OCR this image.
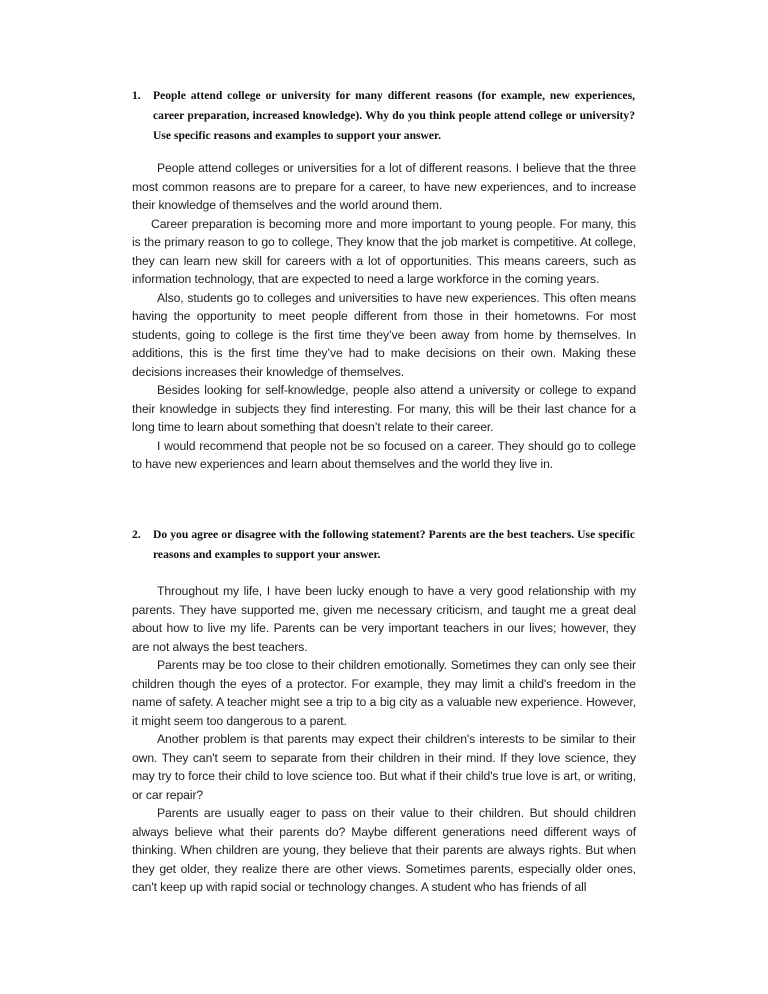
1. People attend college or university for many different reasons (for example, new experiences, career preparation, increased knowledge). Why do you think people attend college or university? Use specific reasons and examples to support your answer.

People attend colleges or universities for a lot of different reasons. I believe that the three most common reasons are to prepare for a career, to have new experiences, and to increase their knowledge of themselves and the world around them.

Career preparation is becoming more and more important to young people. For many, this is the primary reason to go to college, They know that the job market is competitive. At college, they can learn new skill for careers with a lot of opportunities. This means careers, such as information technology, that are expected to need a large workforce in the coming years.

Also, students go to colleges and universities to have new experiences. This often means having the opportunity to meet people different from those in their hometowns. For most students, going to college is the first time they’ve been away from home by themselves. In additions, this is the first time they’ve had to make decisions on their own. Making these decisions increases their knowledge of themselves.

Besides looking for self-knowledge, people also attend a university or college to expand their knowledge in subjects they find interesting. For many, this will be their last chance for a long time to learn about something that doesn’t relate to their career.

I would recommend that people not be so focused on a career. They should go to college to have new experiences and learn about themselves and the world they live in.

2. Do you agree or disagree with the following statement? Parents are the best teachers. Use specific reasons and examples to support your answer.

Throughout my life, I have been lucky enough to have a very good relationship with my parents. They have supported me, given me necessary criticism, and taught me a great deal about how to live my life. Parents can be very important teachers in our lives; however, they are not always the best teachers.

Parents may be too close to their children emotionally. Sometimes they can only see their children though the eyes of a protector. For example, they may limit a child's freedom in the name of safety. A teacher might see a trip to a big city as a valuable new experience. However, it might seem too dangerous to a parent.

Another problem is that parents may expect their children's interests to be similar to their own. They can't seem to separate from their children in their mind. If they love science, they may try to force their child to love science too. But what if their child's true love is art, or writing, or car repair?

Parents are usually eager to pass on their value to their children. But should children always believe what their parents do? Maybe different generations need different ways of thinking. When children are young, they believe that their parents are always rights. But when they get older, they realize there are other views. Sometimes parents, especially older ones, can't keep up with rapid social or technology changes. A student who has friends of all
